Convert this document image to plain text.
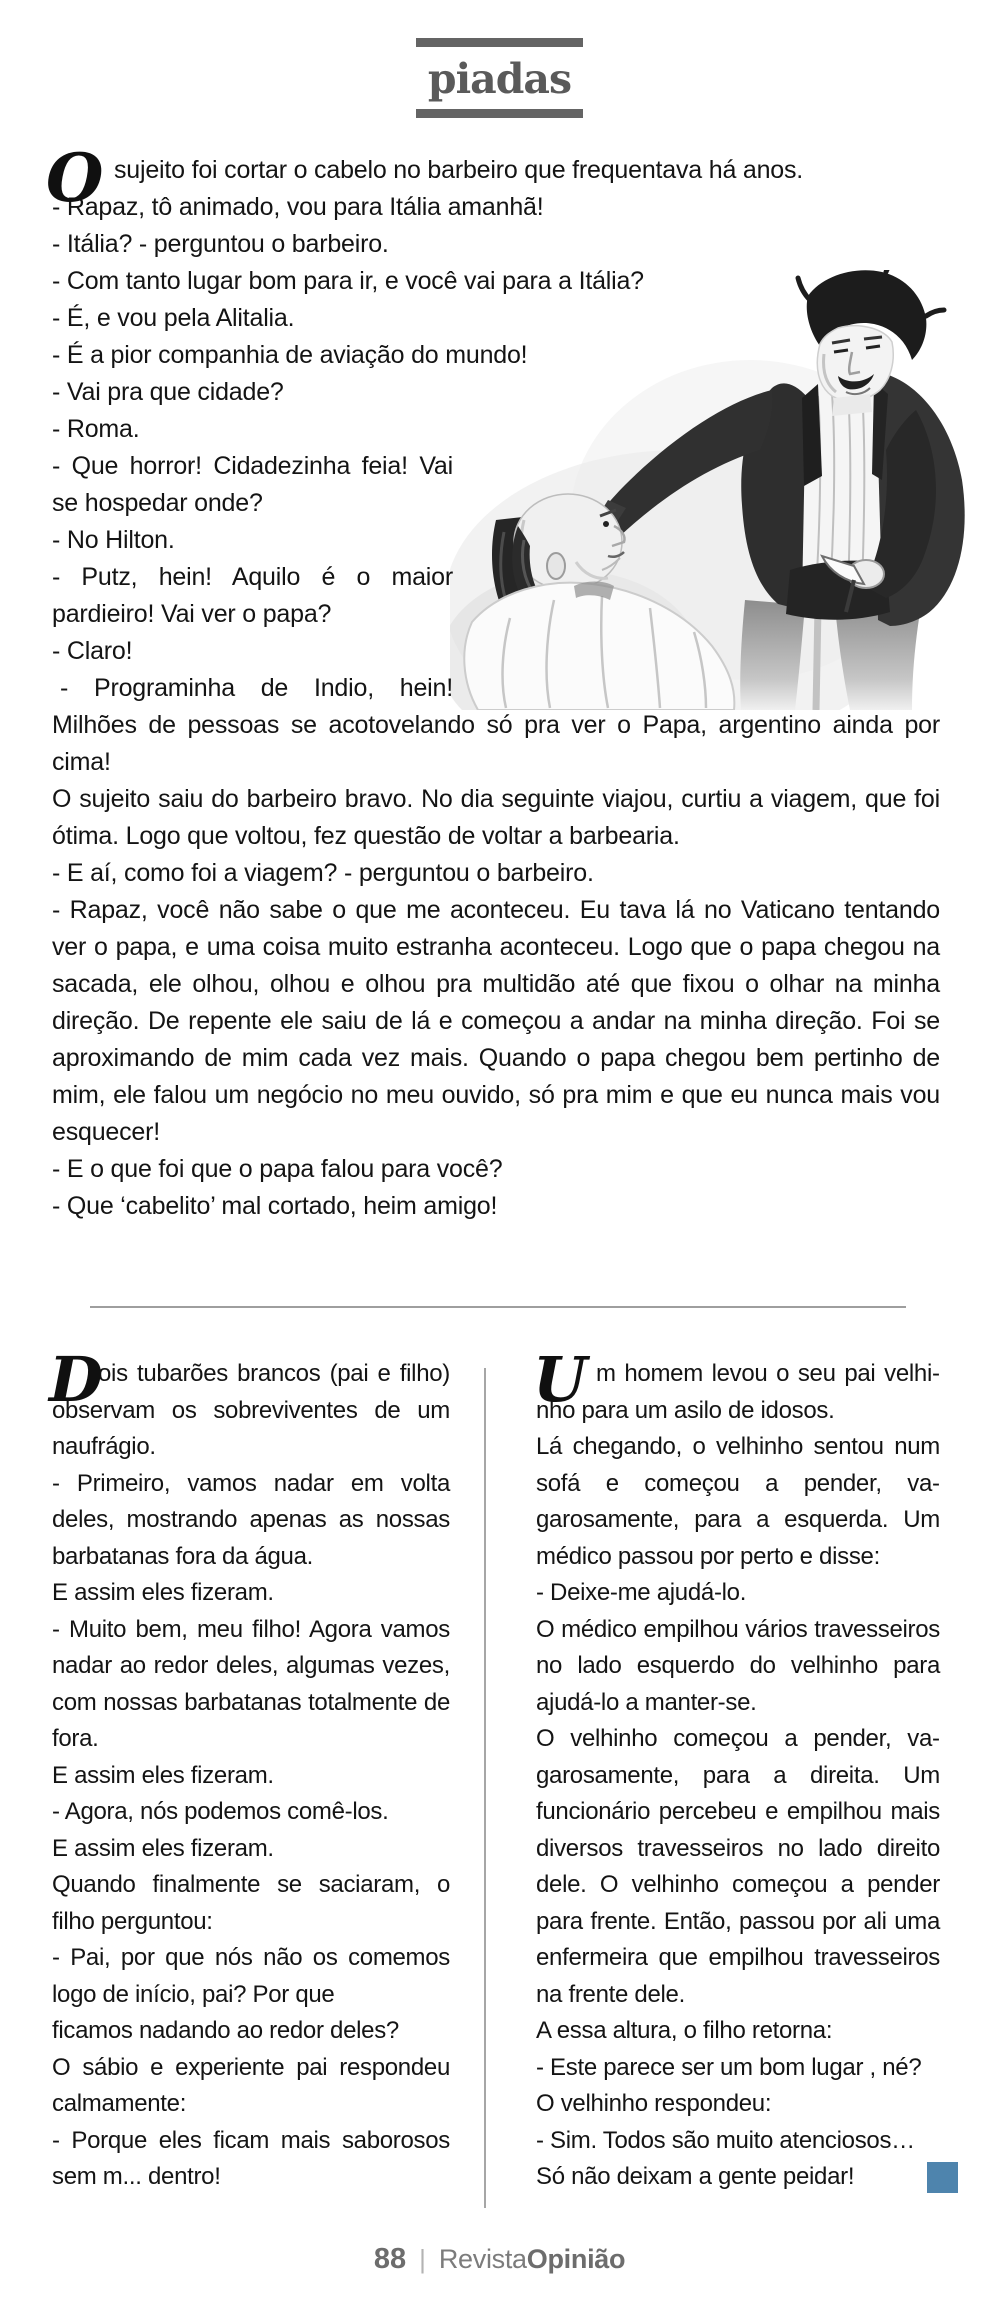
piadas

O sujeito foi cortar o cabelo no barbeiro que frequentava há anos.

- Rapaz, tô animado, vou para Itália amanhã!

- Itália? - perguntou o barbeiro.

- Com tanto lugar bom para ir, e você vai para a Itália?

- É, e vou pela Alitalia.

- É a pior companhia de aviação do mundo!

- Vai pra que cidade?

- Roma.

- Que horror! Cidadezinha feia! Vai se hospedar onde?

- No Hilton.

- Putz, hein! Aquilo é o maior pardieiro! Vai ver o papa?

- Claro!

- Programinha de Indio, hein! Milhões de pessoas se acotovelando só pra ver o Papa, argentino ainda por cima!

O sujeito saiu do barbeiro bravo. No dia seguinte viajou, curtiu a viagem, que foi ótima. Logo que voltou, fez questão de voltar a barbearia.

- E aí, como foi a viagem? - perguntou o barbeiro.

- Rapaz, você não sabe o que me aconteceu. Eu tava lá no Vaticano tentando ver o papa, e uma coisa muito estranha aconteceu. Logo que o papa chegou na sacada, ele olhou, olhou e olhou pra multidão até que fixou o olhar na minha direção. De repente ele saiu de lá e começou a andar na minha direção. Foi se aproximando de mim cada vez mais. Quando o papa chegou bem pertinho de mim, ele falou um negócio no meu ouvido, só pra mim e que eu nunca mais vou esquecer!

- E o que foi que o papa falou para você?

- Que ‘cabelito’ mal cortado, heim amigo!

D
ois tubarões brancos (pai e filho) observam os sobreviventes de um naufrágio.

- Primeiro, vamos nadar em volta deles, mostrando apenas as nossas barbatanas fora da água.

E assim eles fizeram.

- Muito bem, meu filho! Agora vamos nadar ao redor deles, algumas vezes, com nossas barbatanas totalmente de fora.

E assim eles fizeram.

- Agora, nós podemos comê-los.

E assim eles fizeram.

Quando finalmente se saciaram, o filho perguntou:

- Pai, por que nós não os comemos logo de início, pai? Por que

ficamos nadando ao redor deles?

O sábio e experiente pai respondeu calmamente:

- Porque eles ficam mais saborosos sem m... dentro!

U m homem levou o seu pai velhinho para um asilo de idosos.

Lá chegando, o velhinho sentou num sofá e começou a pender, vagarosamente, para a esquerda. Um médico passou por perto e disse:

- Deixe-me ajudá-lo.

O médico empilhou vários travesseiros no lado esquerdo do velhinho para ajudá-lo a manter-se.

O velhinho começou a pender, vagarosamente, para a direita. Um funcionário percebeu e empilhou mais diversos travesseiros no lado direito dele. O velhinho começou a pender para frente. Então, passou por ali uma enfermeira que empilhou travesseiros na frente dele.

A essa altura, o filho retorna:

- Este parece ser um bom lugar , né?

O velhinho respondeu:

- Sim. Todos são muito atenciosos…

Só não deixam a gente peidar!

88 | RevistaOpinião
